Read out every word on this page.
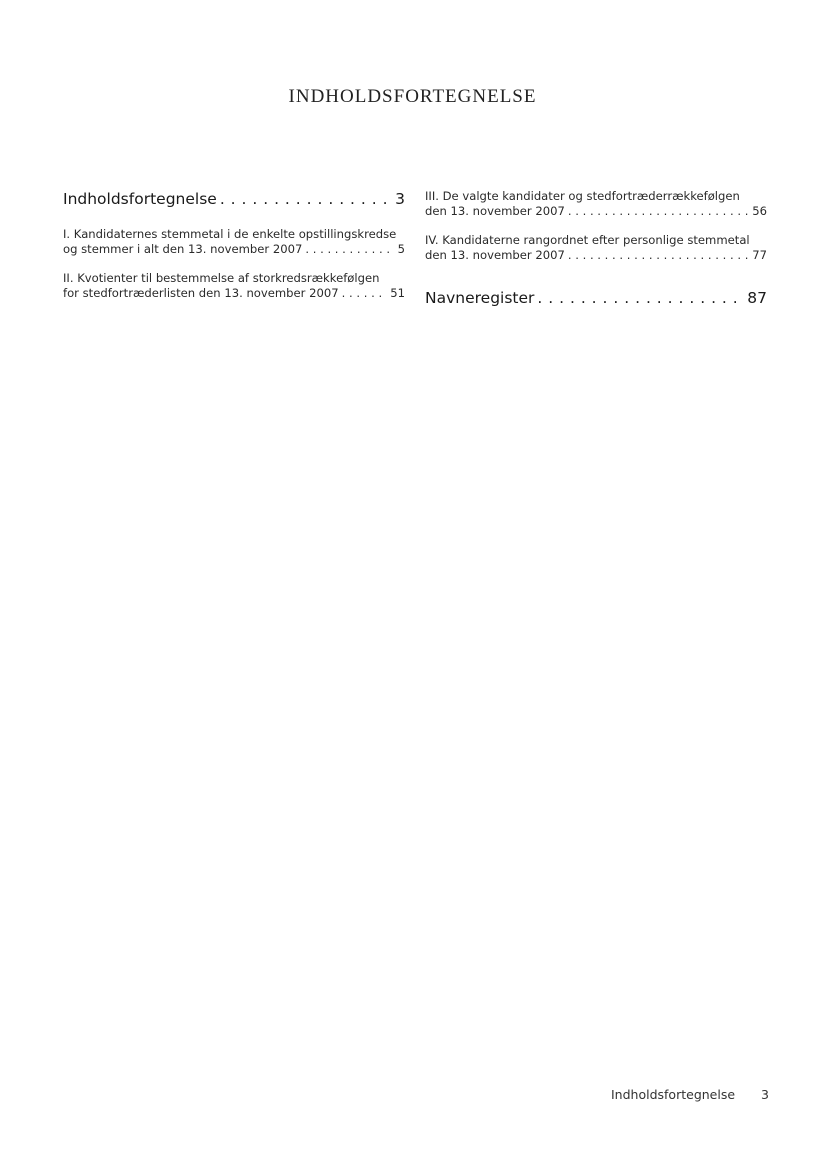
INDHOLDSFORTEGNELSE
Indholdsfortegnelse . . .	3
I. Kandidaternes stemmetal i de enkelte opstillingskredse
og stemmer i alt den 13. november 2007 . . .	5
II. Kvotienter til bestemmelse af storkredsrækkefølgen
for stedfortræderlisten den 13. november 2007 . . .	51
III. De valgte kandidater og stedfortræderrækkefølgen
den 13. november 2007 . . .	56
IV. Kandidaterne rangordnet efter personlige stemmetal
den 13. november 2007 . . .	77
Navneregister . . .	87
Indholdsfortegnelse 3
